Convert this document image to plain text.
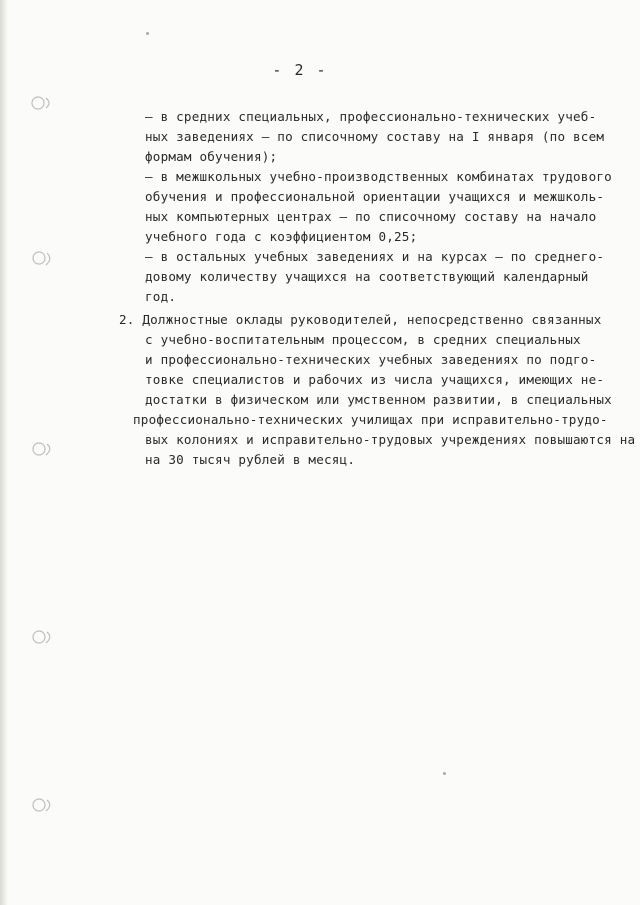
- 2 -
– в средних специальных, профессионально-технических учеб-
ных заведениях – по списочному составу на I января (по всем
формам обучения);
– в межшкольных учебно-производственных комбинатах трудового
обучения и профессиональной ориентации учащихся и межшколь-
ных компьютерных центрах – по списочному составу на начало
учебного года с коэффициентом 0,25;
– в остальных учебных заведениях и на курсах – по среднего-
довому количеству учащихся на соответствующий календарный
год.
2. Должностные оклады руководителей, непосредственно связанных
с учебно-воспитательным процессом, в средних специальных
и профессионально-технических учебных заведениях по подго-
товке специалистов и рабочих из числа учащихся, имеющих не-
достатки в физическом или умственном развитии, в специальных
профессионально-технических училищах при исправительно-трудо-
вых колониях и исправительно-трудовых учреждениях повышаются на
на 30 тысяч рублей в месяц.
